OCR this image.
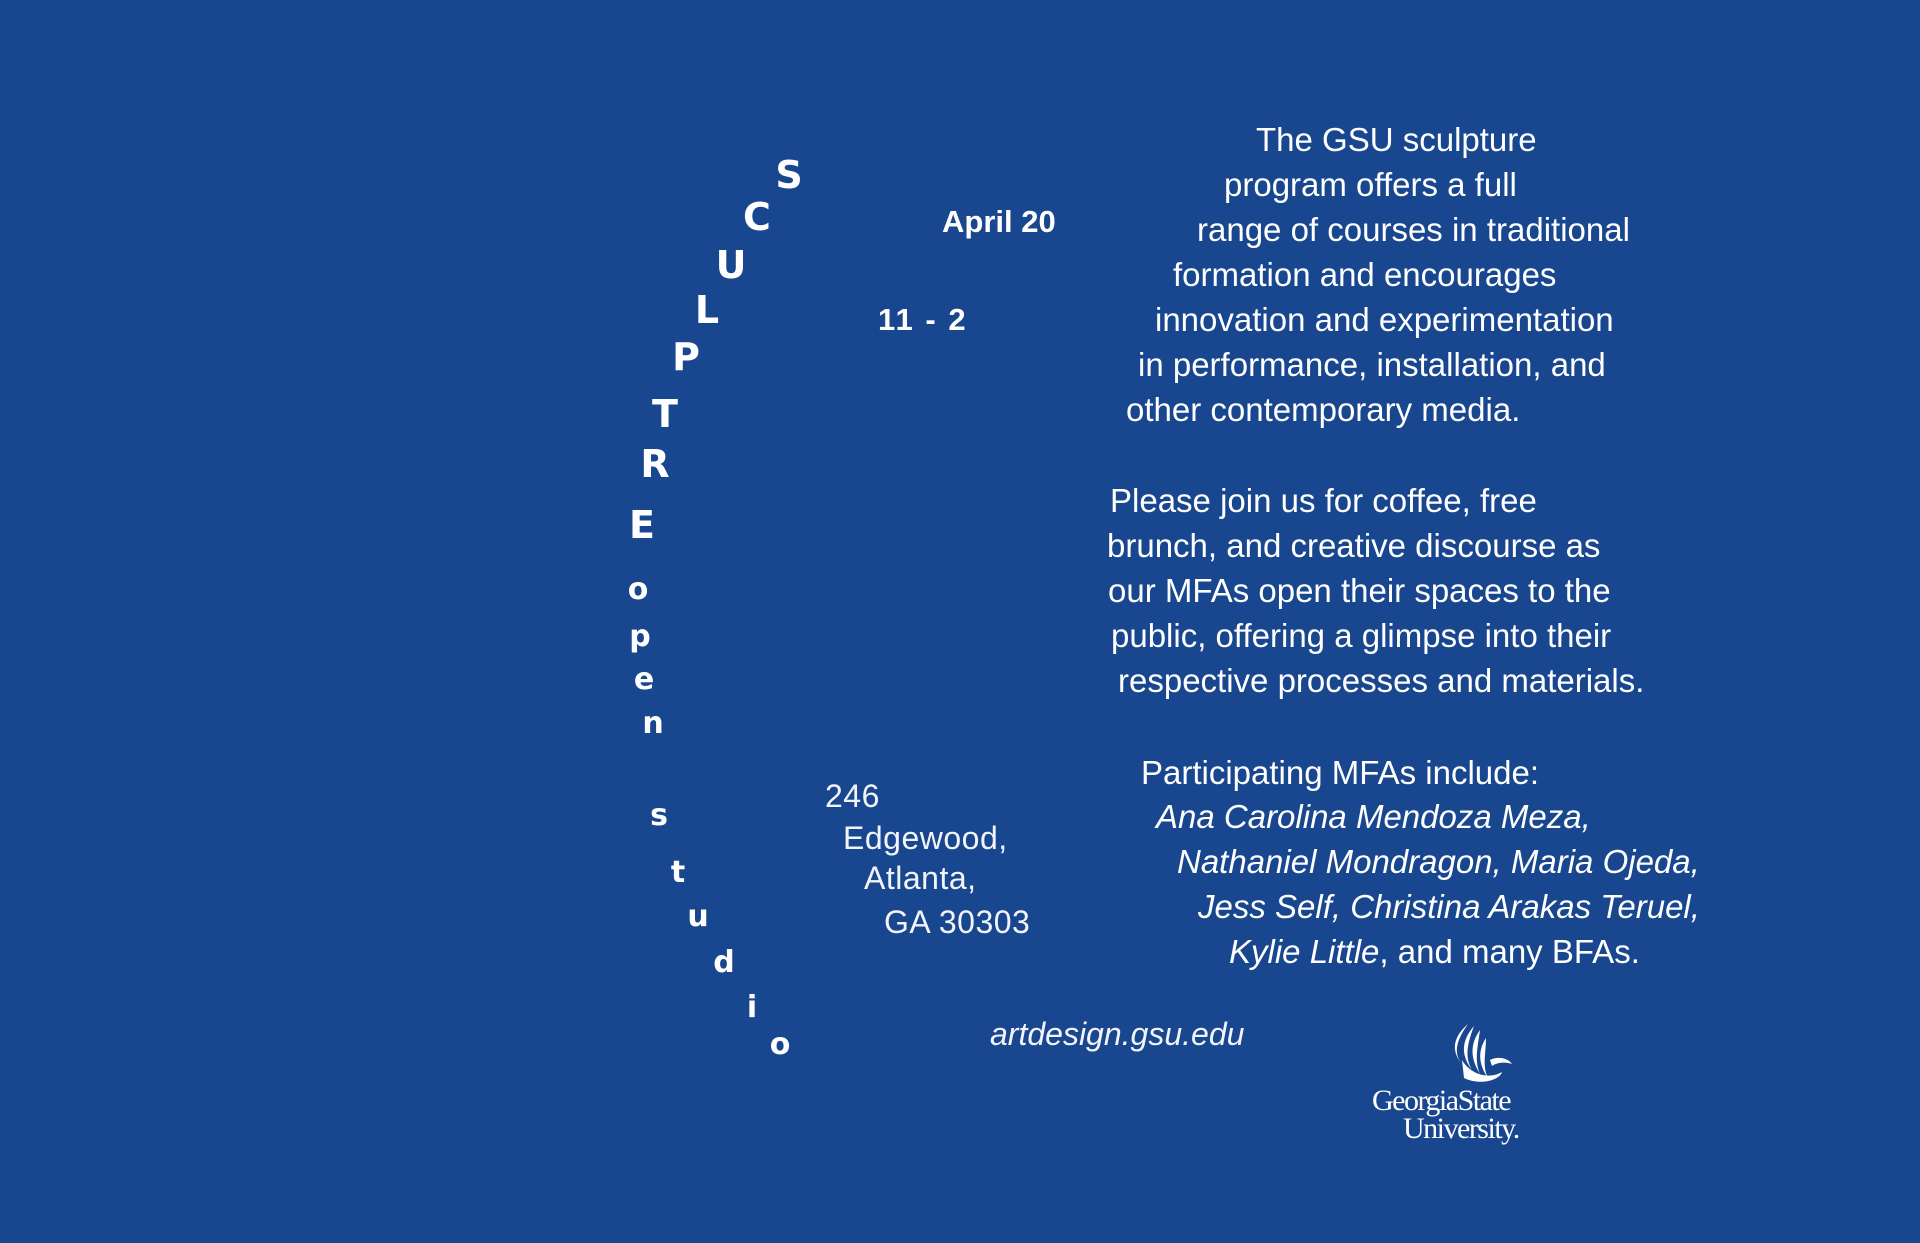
S
C
U
L
P
T
R
E
o
p
e
n
s
t
u
d
i
o
April 20
11 - 2
246
Edgewood,
Atlanta,
GA 30303
The GSU sculpture
program offers a full
range of courses in traditional
formation and encourages
innovation and experimentation
in performance, installation, and
other contemporary media.
Please join us for coffee, free
brunch, and creative discourse as
our MFAs open their spaces to the
public, offering a glimpse into their
respective processes and materials.
Participating MFAs include:
Ana Carolina Mendoza Meza,
Nathaniel Mondragon, Maria Ojeda,
Jess Self, Christina Arakas Teruel,
Kylie Little, and many BFAs.
artdesign.gsu.edu
GeorgiaState
University.
